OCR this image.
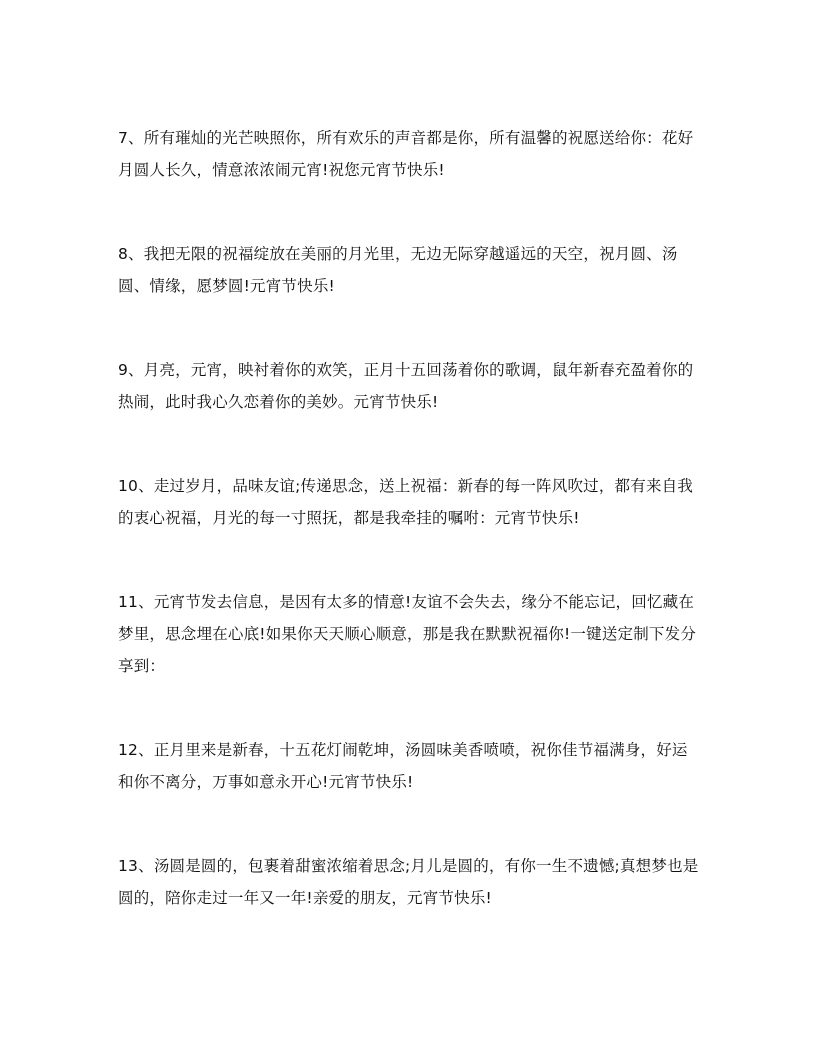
7、所有璀灿的光芒映照你，所有欢乐的声音都是你，所有温馨的祝愿送给你：花好月圆人长久，情意浓浓闹元宵!祝您元宵节快乐!

8、我把无限的祝福绽放在美丽的月光里，无边无际穿越遥远的天空，祝月圆、汤圆、情缘，愿梦圆!元宵节快乐!

9、月亮，元宵，映衬着你的欢笑，正月十五回荡着你的歌调，鼠年新春充盈着你的热闹，此时我心久恋着你的美妙。元宵节快乐!

10、走过岁月，品味友谊;传递思念，送上祝福：新春的每一阵风吹过，都有来自我的衷心祝福，月光的每一寸照抚，都是我牵挂的嘱咐：元宵节快乐!

11、元宵节发去信息，是因有太多的情意!友谊不会失去，缘分不能忘记，回忆藏在梦里，思念埋在心底!如果你天天顺心顺意，那是我在默默祝福你!一键送定制下发分享到：

12、正月里来是新春，十五花灯闹乾坤，汤圆味美香喷喷，祝你佳节福满身，好运和你不离分，万事如意永开心!元宵节快乐!

13、汤圆是圆的，包裹着甜蜜浓缩着思念;月儿是圆的，有你一生不遗憾;真想梦也是圆的，陪你走过一年又一年!亲爱的朋友，元宵节快乐!
